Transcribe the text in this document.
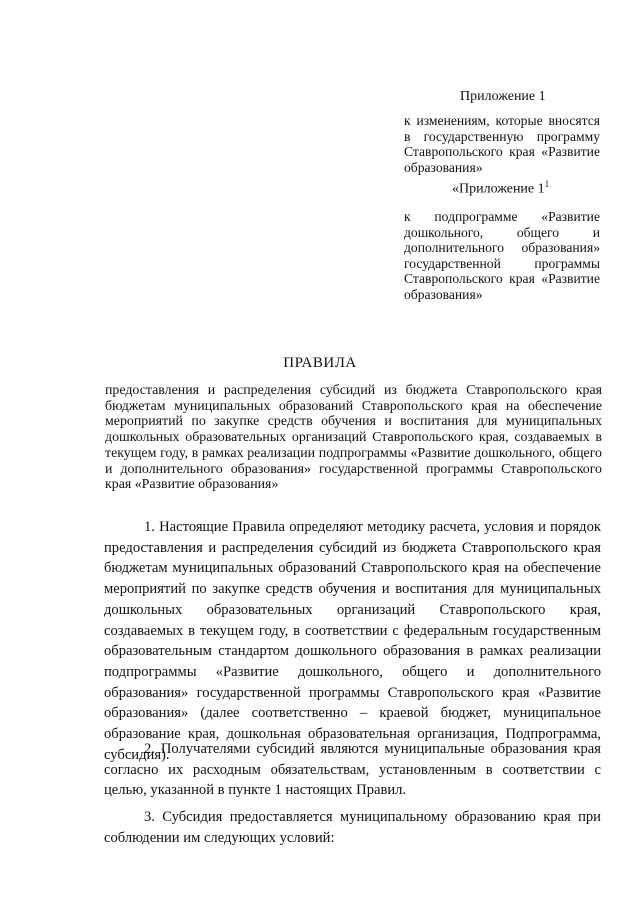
Приложение 1
к изменениям, которые вносятся в государственную программу Ставропольского края «Развитие образования»
«Приложение $1^1$
к подпрограмме «Развитие дошкольного, общего и дополнительного образования» государственной программы Ставропольского края «Развитие образования»
ПРАВИЛА
предоставления и распределения субсидий из бюджета Ставропольского края бюджетам муниципальных образований Ставропольского края на обеспечение мероприятий по закупке средств обучения и воспитания для муниципальных дошкольных образовательных организаций Ставропольского края, создаваемых в текущем году, в рамках реализации подпрограммы «Развитие дошкольного, общего и дополнительного образования» государственной программы Ставропольского края «Развитие образования»
1. Настоящие Правила определяют методику расчета, условия и порядок предоставления и распределения субсидий из бюджета Ставропольского края бюджетам муниципальных образований Ставропольского края на обеспечение мероприятий по закупке средств обучения и воспитания для муниципальных дошкольных образовательных организаций Ставропольского края, создаваемых в текущем году, в соответствии с федеральным государственным образовательным стандартом дошкольного образования в рамках реализации подпрограммы «Развитие дошкольного, общего и дополнительного образования» государственной программы Ставропольского края «Развитие образования» (далее соответственно – краевой бюджет, муниципальное образование края, дошкольная образовательная организация, Подпрограмма, субсидия).
2. Получателями субсидий являются муниципальные образования края согласно их расходным обязательствам, установленным в соответствии с целью, указанной в пункте 1 настоящих Правил.
3. Субсидия предоставляется муниципальному образованию края при соблюдении им следующих условий:
